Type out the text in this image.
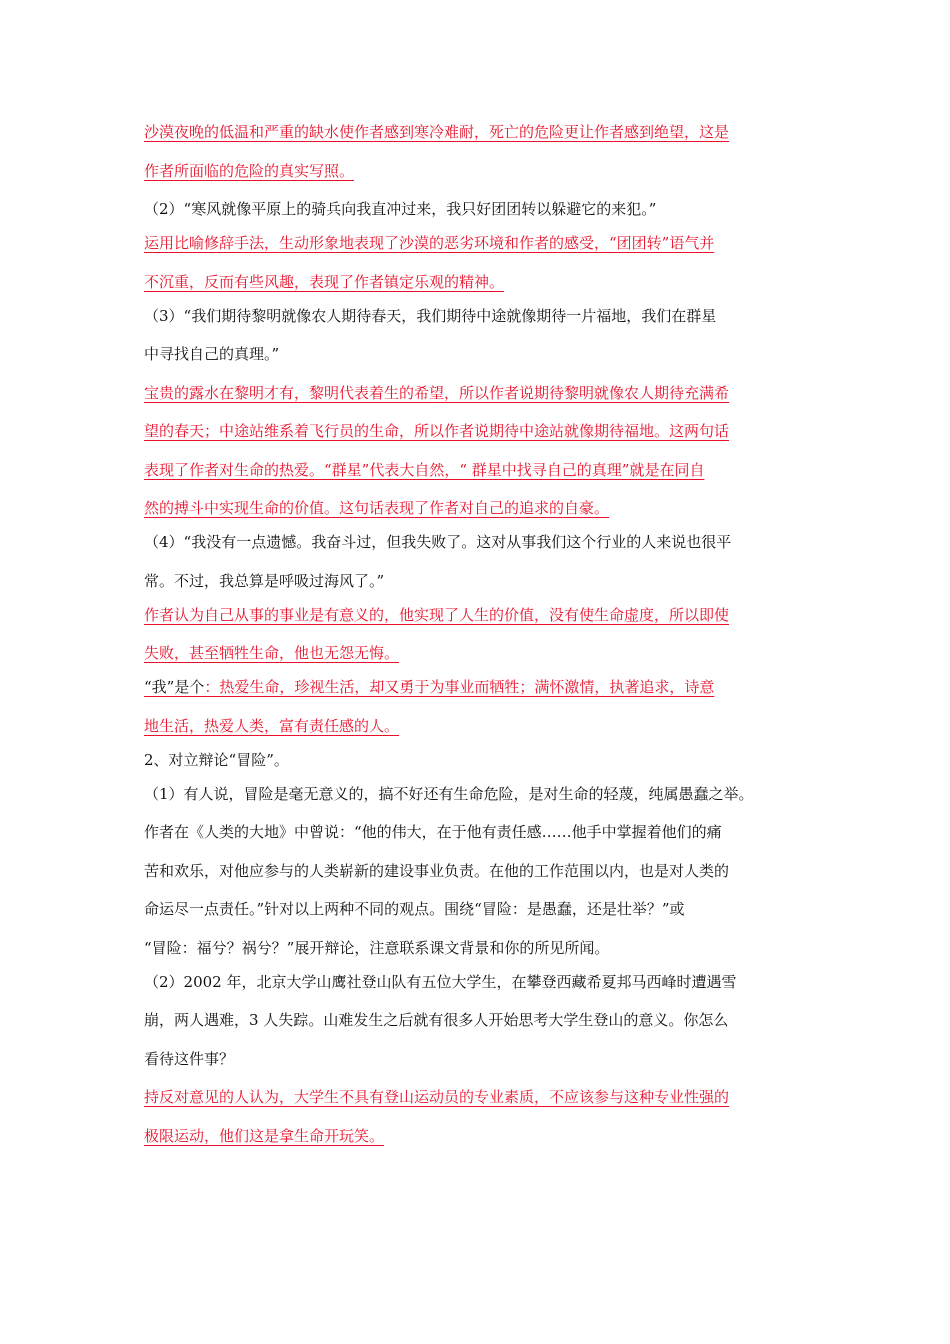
沙漠夜晚的低温和严重的缺水使作者感到寒冷难耐，死亡的危险更让作者感到绝望，这是
作者所面临的危险的真实写照。
（2）“寒风就像平原上的骑兵向我直冲过来，我只好团团转以躲避它的来犯。”
运用比喻修辞手法，生动形象地表现了沙漠的恶劣环境和作者的感受，“团团转”语气并
不沉重，反而有些风趣，表现了作者镇定乐观的精神。
（3）“我们期待黎明就像农人期待春天，我们期待中途就像期待一片福地，我们在群星
中寻找自己的真理。”
宝贵的露水在黎明才有，黎明代表着生的希望，所以作者说期待黎明就像农人期待充满希
望的春天；中途站维系着飞行员的生命，所以作者说期待中途站就像期待福地。这两句话
表现了作者对生命的热爱。“群星”代表大自然，“ 群星中找寻自己的真理”就是在同自
然的搏斗中实现生命的价值。这句话表现了作者对自己的追求的自豪。
（4）“我没有一点遗憾。我奋斗过，但我失败了。这对从事我们这个行业的人来说也很平
常。不过，我总算是呼吸过海风了。”
作者认为自己从事的事业是有意义的，他实现了人生的价值，没有使生命虚度，所以即使
失败，甚至牺牲生命，他也无怨无悔。
“我”是个：热爱生命，珍视生活，却又勇于为事业而牺牲；满怀激情，执著追求，诗意
地生活，热爱人类，富有责任感的人。
2、对立辩论“冒险”。
（1）有人说，冒险是毫无意义的，搞不好还有生命危险，是对生命的轻蔑，纯属愚蠢之举。
作者在《人类的大地》中曾说：“他的伟大，在于他有责任感……他手中掌握着他们的痛
苦和欢乐，对他应参与的人类崭新的建设事业负责。在他的工作范围以内，也是对人类的
命运尽一点责任。”针对以上两种不同的观点。围绕“冒险：是愚蠢，还是壮举？”或
“冒险：福兮？祸兮？”展开辩论，注意联系课文背景和你的所见所闻。
（2）2002 年，北京大学山鹰社登山队有五位大学生，在攀登西藏希夏邦马西峰时遭遇雪
崩，两人遇难，3 人失踪。山难发生之后就有很多人开始思考大学生登山的意义。你怎么
看待这件事？
持反对意见的人认为，大学生不具有登山运动员的专业素质，不应该参与这种专业性强的
极限运动，他们这是拿生命开玩笑。
